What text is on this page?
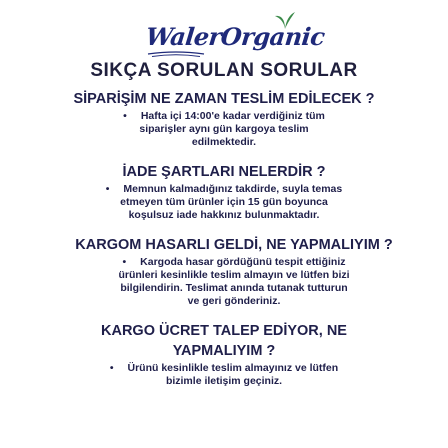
WalerOrganic
SIKÇA SORULAN SORULAR

SİPARİŞİM NE ZAMAN TESLİM EDİLECEK ?

• Hafta içi 14:00'e kadar verdiğiniz tüm

siparişler aynı gün kargoya teslim

edilmektedir.

İADE ŞARTLARI NELERDİR ?

• Memnun kalmadığınız takdirde, suyla temas

etmeyen tüm ürünler için 15 gün boyunca

koşulsuz iade hakkınız bulunmaktadır.

KARGOM HASARLI GELDİ, NE YAPMALIYIM ?

• Kargoda hasar gördüğünü tespit ettiğiniz

ürünleri kesinlikle teslim almayın ve lütfen bizi

bilgilendirin. Teslimat anında tutanak tutturun

ve geri gönderiniz.

KARGO ÜCRET TALEP EDİYOR, NE

YAPMALIYIM ?

• Ürünü kesinlikle teslim almayınız ve lütfen

bizimle iletişim geçiniz.
